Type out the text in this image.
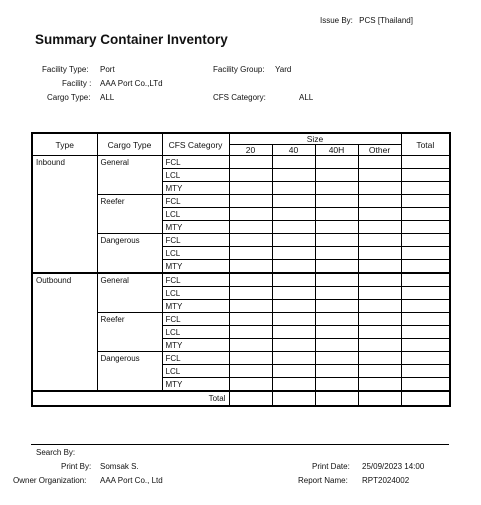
Issue By: PCS [Thailand]
Summary Container Inventory
Facility Type: Port
Facility : AAA Port Co.,LTd
Cargo Type: ALL
Facility Group: Yard
CFS Category:	ALL
Type	Cargo Type	CFS Category	Size				Total
			20	40	40H	Other	
Inbound	General	FCL					
		LCL					
		MTY					
	Reefer	FCL					
		LCL					
		MTY					
	Dangerous	FCL					
		LCL					
		MTY					
Outbound	General	FCL					
		LCL					
		MTY					
	Reefer	FCL					
		LCL					
		MTY					
	Dangerous	FCL					
		LCL					
		MTY					
Total							
Search By:
Print By: Somsak S.
Owner Organization: AAA Port Co., Ltd
Print Date: 25/09/2023 14:00
Report Name: RPT2024002
